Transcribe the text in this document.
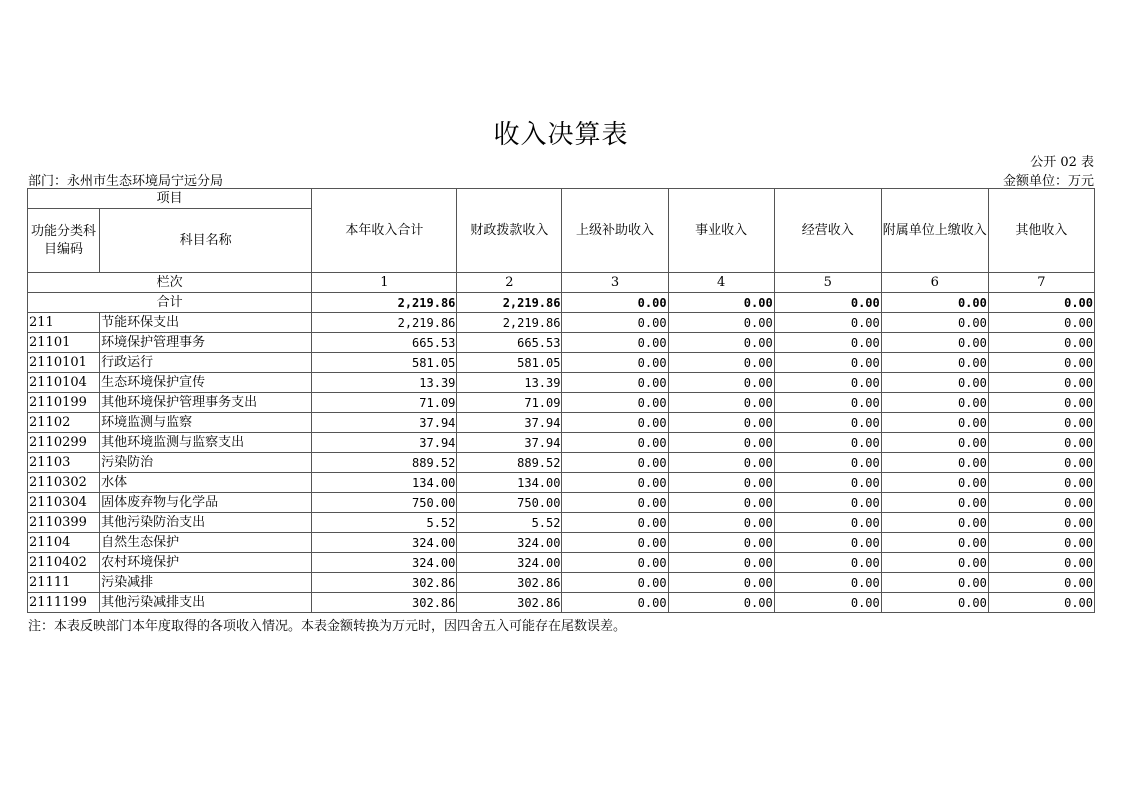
收入决算表
公开 02 表
部门：永州市生态环境局宁远分局	金额单位：万元
项目		本年收入合计	财政拨款收入	上级补助收入	事业收入	经营收入	附属单位上缴收入	其他收入
功能分类科目编码	科目名称							
栏次		1	2	3	4	5	6	7
合计		2,219.86	2,219.86	0.00	0.00	0.00	0.00	0.00
211	节能环保支出	2,219.86	2,219.86	0.00	0.00	0.00	0.00	0.00
21101	环境保护管理事务	665.53	665.53	0.00	0.00	0.00	0.00	0.00
2110101	行政运行	581.05	581.05	0.00	0.00	0.00	0.00	0.00
2110104	生态环境保护宣传	13.39	13.39	0.00	0.00	0.00	0.00	0.00
2110199	其他环境保护管理事务支出	71.09	71.09	0.00	0.00	0.00	0.00	0.00
21102	环境监测与监察	37.94	37.94	0.00	0.00	0.00	0.00	0.00
2110299	其他环境监测与监察支出	37.94	37.94	0.00	0.00	0.00	0.00	0.00
21103	污染防治	889.52	889.52	0.00	0.00	0.00	0.00	0.00
2110302	水体	134.00	134.00	0.00	0.00	0.00	0.00	0.00
2110304	固体废弃物与化学品	750.00	750.00	0.00	0.00	0.00	0.00	0.00
2110399	其他污染防治支出	5.52	5.52	0.00	0.00	0.00	0.00	0.00
21104	自然生态保护	324.00	324.00	0.00	0.00	0.00	0.00	0.00
2110402	农村环境保护	324.00	324.00	0.00	0.00	0.00	0.00	0.00
21111	污染减排	302.86	302.86	0.00	0.00	0.00	0.00	0.00
2111199	其他污染减排支出	302.86	302.86	0.00	0.00	0.00	0.00	0.00
注：本表反映部门本年度取得的各项收入情况。本表金额转换为万元时，因四舍五入可能存在尾数误差。
